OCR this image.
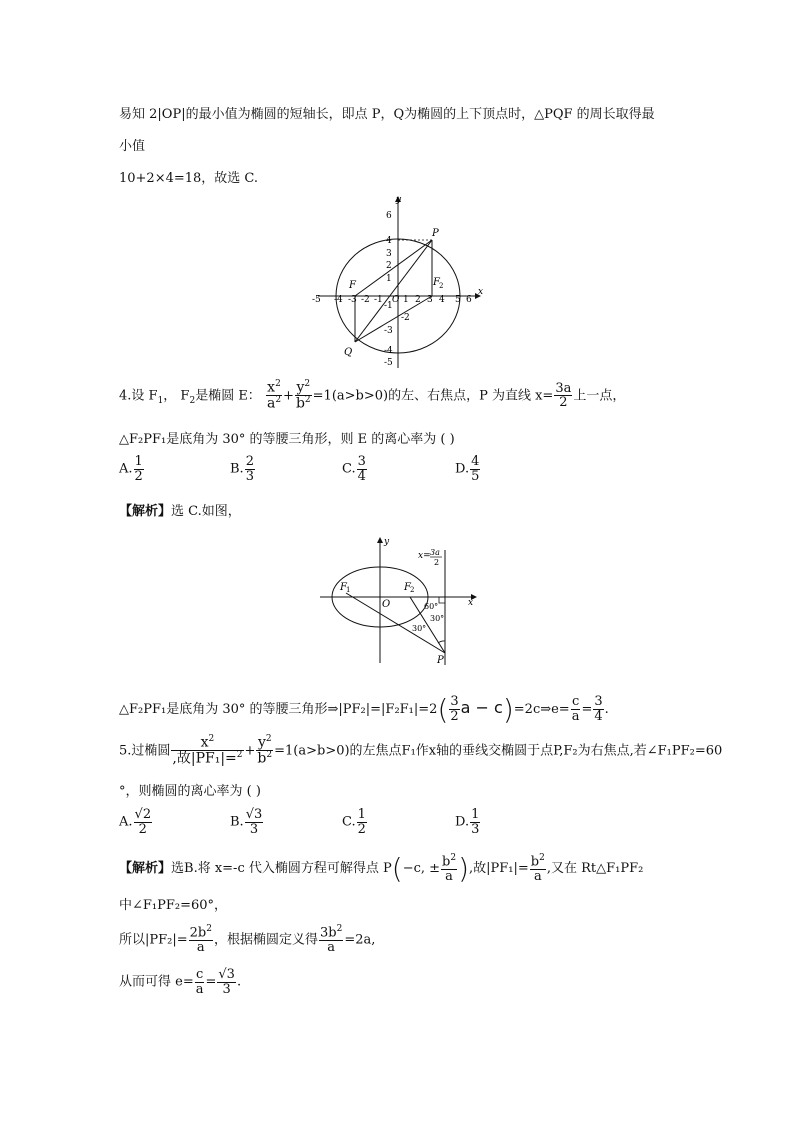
易知 2|OP|的最小值为椭圆的短轴长，即点 P，Q为椭圆的上下顶点时，△PQF 的周长取得最
小值
10+2×4=18，故选 C.
y
x
6
4
3
2
1
-1
-2
-3
-4
-5
-5 -4 -3 -2 -1 O 1 2 3 4 5 6
F	F 2
P
Q
4.设 $F_1$， $F_2$是椭圆 E： $\frac{x^2}{a^2} + \frac{y^2}{b^2} =1(a>b>0)$的左、右焦点，P 为直线 $x= \frac{3a}{2}$ 上一点，
△F₂PF₁是底角为 30° 的等腰三角形，则 E 的离心率为 ( )
A. $\frac{1}{2}$	B. $\frac{2}{3}$	C. $\frac{3}{4}$	D. $\frac{4}{5}$
【解析】选 C.如图，
y
x
O
F 1	F 2
x= 3a
2
60°
30°
30°
P
△F₂PF₁是底角为 30° 的等腰三角形⇒|PF₂|=|F₂F₁|=2( $\frac{3}{2}$ a − c)=2c⇒e= $\frac{c}{a} = \frac{3}{4}$ .
5.过椭圆 $\frac{x^2}{,故|PF_1|=^2} + \frac{y^2}{b^2} =1(a>b>0)$的左焦点F₁作x轴的垂线交椭圆于点P,F₂为右焦点,若∠F₁PF₂=60
°，则椭圆的离心率为 ( )
A. $\frac{√2}{2}$	B. $\frac{√3}{3}$	C. $\frac{1}{2}$	D. $\frac{1}{3}$
【解析】选B.将 x=-c 代入椭圆方程可解得点 P(−c, ± $\frac{b^2}{a}$ ),故$|PF_1|= \frac{b^2}{a}$ ,又在 Rt△F₁PF₂
中∠F₁PF₂=60°，
所以$|PF_2|= \frac{2b^2}{a}$ ，根据椭圆定义得 $\frac{3b^2}{a} =2a$,
从而可得 $e= \frac{c}{a} = \frac{√3}{3}$ .
